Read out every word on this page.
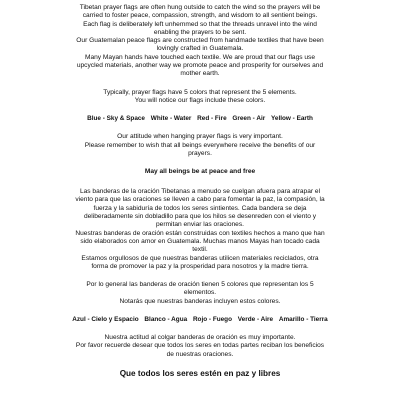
Tibetan prayer flags are often hung outside to catch the wind so the prayers will be

carried to foster peace, compassion, strength, and wisdom to all sentient beings.

Each flag is deliberately left unhemmed so that the threads unravel into the wind

enabling the prayers to be sent.

Our Guatemalan peace flags are constructed from handmade textiles that have been

lovingly crafted in Guatemala.

Many Mayan hands have touched each textile. We are proud that our flags use

upcycled materials, another way we promote peace and prosperity for ourselves and

mother earth.

Typically, prayer flags have 5 colors that represent the 5 elements.

You will notice our flags include these colors.

Blue - Sky & Space White - Water Red - Fire Green - Air Yellow - Earth

Our attitude when hanging prayer flags is very important.

Please remember to wish that all beings everywhere receive the benefits of our

prayers.

May all beings be at peace and free

Las banderas de la oración Tibetanas a menudo se cuelgan afuera para atrapar el

viento para que las oraciones se lleven a cabo para fomentar la paz, la compasión, la

fuerza y la sabiduría de todos los seres sintientes. Cada bandera se deja

deliberadamente sin dobladillo para que los hilos se desenreden con el viento y

permitan enviar las oraciones.

Nuestras banderas de oración están construidas con textiles hechos a mano que han

sido elaborados con amor en Guatemala. Muchas manos Mayas han tocado cada

textil.

Estamos orgullosos de que nuestras banderas utilicen materiales reciclados, otra

forma de promover la paz y la prosperidad para nosotros y la madre tierra.

Por lo general las banderas de oración tienen 5 colores que representan los 5

elementos.

Notarás que nuestras banderas incluyen estos colores.

Azul - Cielo y Espacio Blanco - Agua Rojo - Fuego Verde - Aire Amarillo - Tierra

Nuestra actitud al colgar banderas de oración es muy importante.

Por favor recuerde desear que todos los seres en todas partes reciban los beneficios

de nuestras oraciones.

Que todos los seres estén en paz y libres
